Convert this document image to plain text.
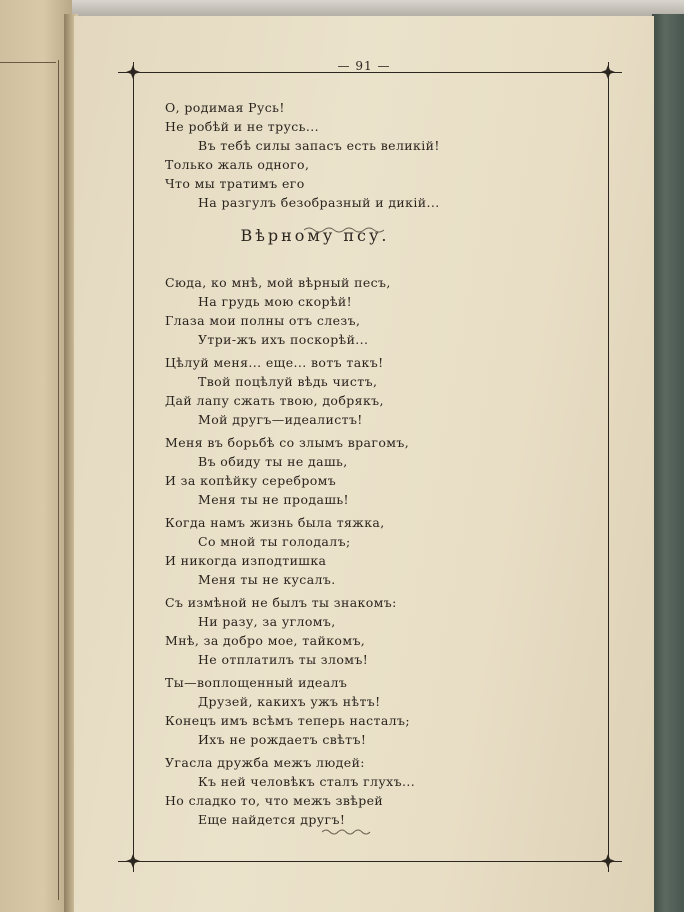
— 91 —
О, родимая Русь!
Не робѣй и не трусь...
Въ тебѣ силы запасъ есть великій!
Только жаль одного,
Что мы тратимъ его
На разгулъ безобразный и дикій...
Вѣрному псу.
Сюда, ко мнѣ, мой вѣрный песъ,
На грудь мою скорѣй!
Глаза мои полны отъ слезъ,
Утри-жъ ихъ поскорѣй...
Цѣлуй меня... еще... вотъ такъ!
Твой поцѣлуй вѣдь чистъ,
Дай лапу сжать твою, добрякъ,
Мой другъ—идеалистъ!
Меня въ борьбѣ со злымъ врагомъ,
Въ обиду ты не дашь,
И за копѣйку серебромъ
Меня ты не продашь!
Когда намъ жизнь была тяжка,
Со мной ты голодалъ;
И никогда изподтишка
Меня ты не кусалъ.
Съ измѣной не былъ ты знакомъ:
Ни разу, за угломъ,
Мнѣ, за добро мое, тайкомъ,
Не отплатилъ ты зломъ!
Ты—воплощенный идеалъ
Друзей, какихъ ужъ нѣтъ!
Конецъ имъ всѣмъ теперь насталъ;
Ихъ не рождаетъ свѣтъ!
Угасла дружба межъ людей:
Къ ней человѣкъ сталъ глухъ...
Но сладко то, что межъ звѣрей
Еще найдется другъ!
